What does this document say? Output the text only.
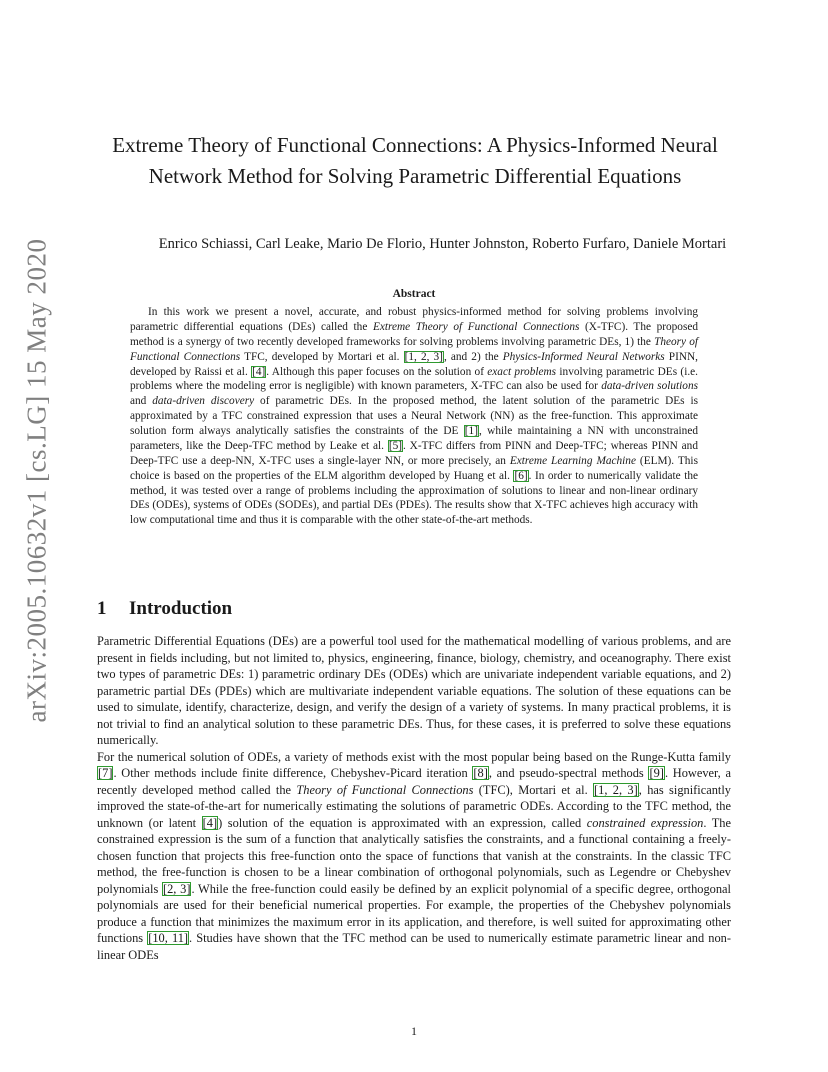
arXiv:2005.10632v1 [cs.LG] 15 May 2020
Extreme Theory of Functional Connections: A Physics-Informed Neural Network Method for Solving Parametric Differential Equations
Enrico Schiassi, Carl Leake, Mario De Florio, Hunter Johnston, Roberto Furfaro, Daniele Mortari
Abstract
In this work we present a novel, accurate, and robust physics-informed method for solving problems involving parametric differential equations (DEs) called the Extreme Theory of Functional Connections (X-TFC). The proposed method is a synergy of two recently developed frameworks for solving problems involving parametric DEs, 1) the Theory of Functional Connections TFC, developed by Mortari et al. [1, 2, 3], and 2) the Physics-Informed Neural Networks PINN, developed by Raissi et al. [4]. Although this paper focuses on the solution of exact problems involving parametric DEs (i.e. problems where the modeling error is negligible) with known parameters, X-TFC can also be used for data-driven solutions and data-driven discovery of parametric DEs. In the proposed method, the latent solution of the parametric DEs is approximated by a TFC constrained expression that uses a Neural Network (NN) as the free-function. This approximate solution form always analytically satisfies the constraints of the DE [1], while maintaining a NN with unconstrained parameters, like the Deep-TFC method by Leake et al. [5]. X-TFC differs from PINN and Deep-TFC; whereas PINN and Deep-TFC use a deep-NN, X-TFC uses a single-layer NN, or more precisely, an Extreme Learning Machine (ELM). This choice is based on the properties of the ELM algorithm developed by Huang et al. [6]. In order to numerically validate the method, it was tested over a range of problems including the approximation of solutions to linear and non-linear ordinary DEs (ODEs), systems of ODEs (SODEs), and partial DEs (PDEs). The results show that X-TFC achieves high accuracy with low computational time and thus it is comparable with the other state-of-the-art methods.
1 Introduction

Parametric Differential Equations (DEs) are a powerful tool used for the mathematical modelling of various problems, and are present in fields including, but not limited to, physics, engineering, finance, biology, chemistry, and oceanography. There exist two types of parametric DEs: 1) parametric ordinary DEs (ODEs) which are univariate independent variable equations, and 2) parametric partial DEs (PDEs) which are multivariate independent variable equations. The solution of these equations can be used to simulate, identify, characterize, design, and verify the design of a variety of systems. In many practical problems, it is not trivial to find an analytical solution to these parametric DEs. Thus, for these cases, it is preferred to solve these equations numerically.

For the numerical solution of ODEs, a variety of methods exist with the most popular being based on the Runge-Kutta family [7]. Other methods include finite difference, Chebyshev-Picard iteration [8], and pseudo-spectral methods [9]. However, a recently developed method called the Theory of Functional Connections (TFC), Mortari et al. [1, 2, 3], has significantly improved the state-of-the-art for numerically estimating the solutions of parametric ODEs. According to the TFC method, the unknown (or latent [4]) solution of the equation is approximated with an expression, called constrained expression. The constrained expression is the sum of a function that analytically satisfies the constraints, and a functional containing a freely-chosen function that projects this free-function onto the space of functions that vanish at the constraints. In the classic TFC method, the free-function is chosen to be a linear combination of orthogonal polynomials, such as Legendre or Chebyshev polynomials [2, 3]. While the free-function could easily be defined by an explicit polynomial of a specific degree, orthogonal polynomials are used for their beneficial numerical properties. For example, the properties of the Chebyshev polynomials produce a function that minimizes the maximum error in its application, and therefore, is well suited for approximating other functions [10, 11]. Studies have shown that the TFC method can be used to numerically estimate parametric linear and non-linear ODEs

1
